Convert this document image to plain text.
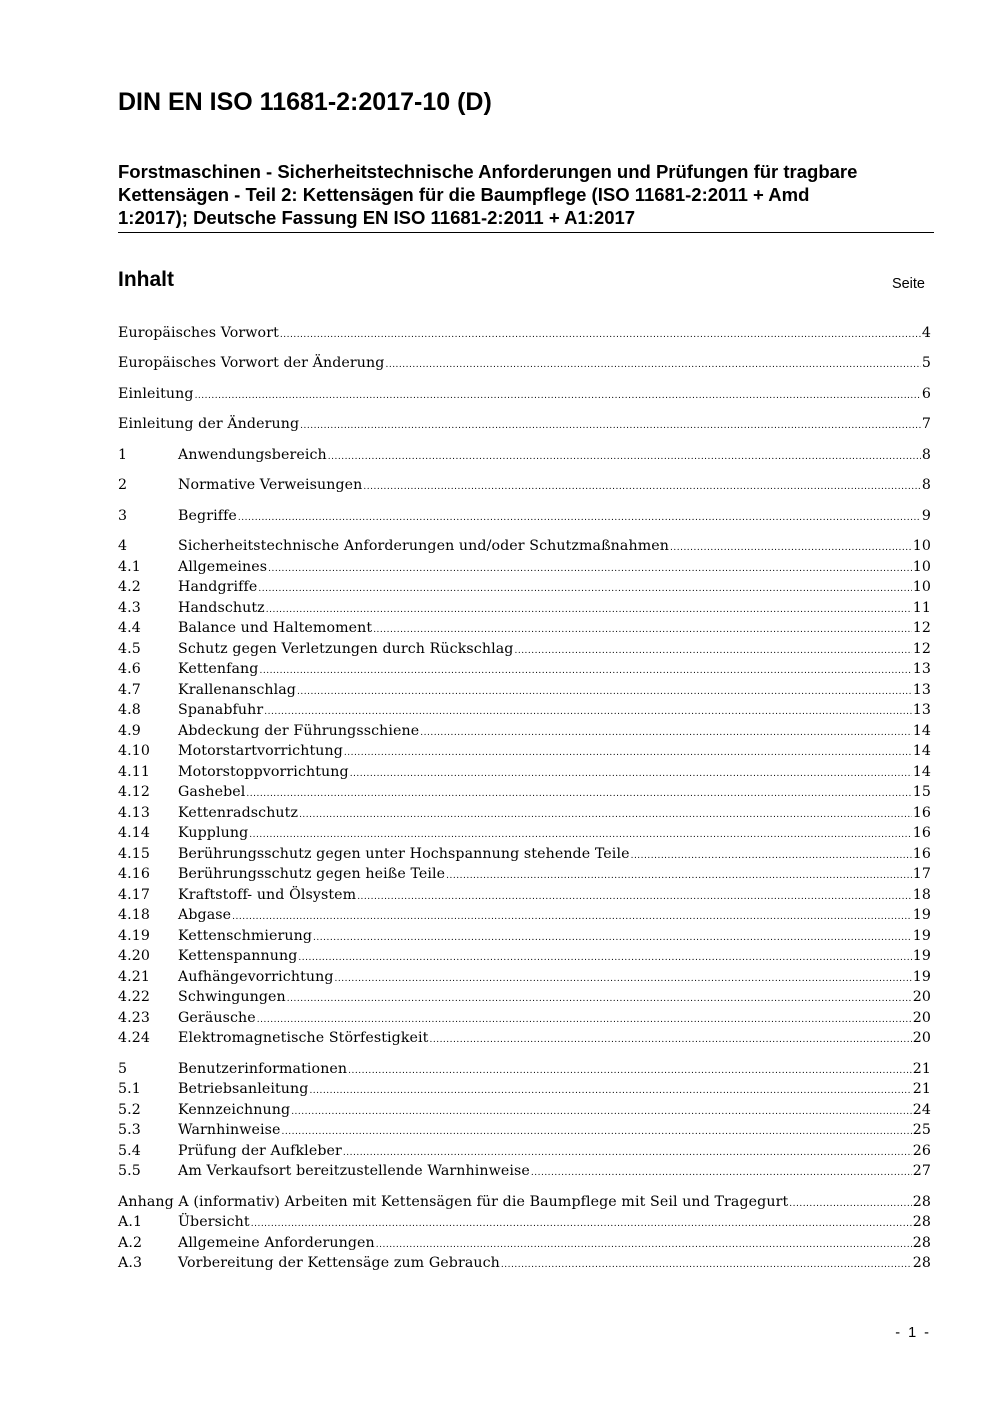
DIN EN ISO 11681-2:2017-10 (D)
Forstmaschinen - Sicherheitstechnische Anforderungen und Prüfungen für tragbare
Kettensägen - Teil 2: Kettensägen für die Baumpflege (ISO 11681-2:2011 + Amd
1:2017); Deutsche Fassung EN ISO 11681-2:2011 + A1:2017
Inhalt	Seite
Europäisches Vorwort .....	4
Europäisches Vorwort der Änderung .....	5
Einleitung .....	6
Einleitung der Änderung .....	7
1	Anwendungsbereich .....	8
2	Normative Verweisungen .....	8
3	Begriffe .....	9
4	Sicherheitstechnische Anforderungen und/oder Schutzmaßnahmen .....	10
4.1	Allgemeines .....	10
4.2	Handgriffe .....	10
4.3	Handschutz .....	11
4.4	Balance und Haltemoment .....	12
4.5	Schutz gegen Verletzungen durch Rückschlag .....	12
4.6	Kettenfang .....	13
4.7	Krallenanschlag .....	13
4.8	Spanabfuhr .....	13
4.9	Abdeckung der Führungsschiene .....	14
4.10	Motorstartvorrichtung .....	14
4.11	Motorstoppvorrichtung .....	14
4.12	Gashebel .....	15
4.13	Kettenradschutz .....	16
4.14	Kupplung .....	16
4.15	Berührungsschutz gegen unter Hochspannung stehende Teile .....	16
4.16	Berührungsschutz gegen heiße Teile .....	17
4.17	Kraftstoff- und Ölsystem .....	18
4.18	Abgase .....	19
4.19	Kettenschmierung .....	19
4.20	Kettenspannung .....	19
4.21	Aufhängevorrichtung .....	19
4.22	Schwingungen .....	20
4.23	Geräusche .....	20
4.24	Elektromagnetische Störfestigkeit .....	20
5	Benutzerinformationen .....	21
5.1	Betriebsanleitung .....	21
5.2	Kennzeichnung .....	24
5.3	Warnhinweise .....	25
5.4	Prüfung der Aufkleber .....	26
5.5	Am Verkaufsort bereitzustellende Warnhinweise .....	27
Anhang A (informativ) Arbeiten mit Kettensägen für die Baumpflege mit Seil und Tragegurt .....	28
A.1	Übersicht .....	28
A.2	Allgemeine Anforderungen .....	28
A.3	Vorbereitung der Kettensäge zum Gebrauch .....	28
- 1 -
